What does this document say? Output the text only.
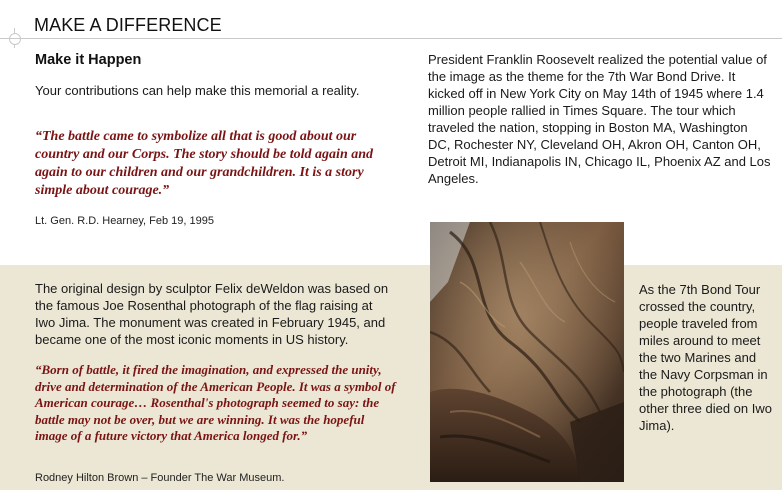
MAKE A DIFFERENCE
Make it Happen
Your contributions can help make this memorial a reality.
“The battle came to symbolize all that is good about our country and our Corps. The story should be told again and again to our children and our grandchildren. It is a story simple about courage.”
Lt. Gen. R.D. Hearney, Feb 19, 1995
President Franklin Roosevelt realized the potential value of the image as the theme for the 7th War Bond Drive. It kicked off in New York City on May 14th of 1945 where 1.4 million people rallied in Times Square. The tour which traveled the nation, stopping in Boston MA, Washington DC, Rochester NY, Cleveland OH, Akron OH, Canton OH, Detroit MI, Indianapolis IN, Chicago IL, Phoenix AZ and Los Angeles.
The original design by sculptor Felix deWeldon was based on the famous Joe Rosenthal photograph of the flag raising at Iwo Jima. The monument was created in February 1945, and became one of the most iconic moments in US history.
“Born of battle, it fired the imagination, and expressed the unity, drive and determination of the American People. It was a symbol of American courage… Rosenthal's photograph seemed to say: the battle may not be over, but we are winning. It was the hopeful image of a future victory that America longed for.”
Rodney Hilton Brown – Founder The War Museum.
As the 7th Bond Tour crossed the country, people traveled from miles around to meet the two Marines and the Navy Corpsman in the photograph (the other three died on Iwo Jima).
